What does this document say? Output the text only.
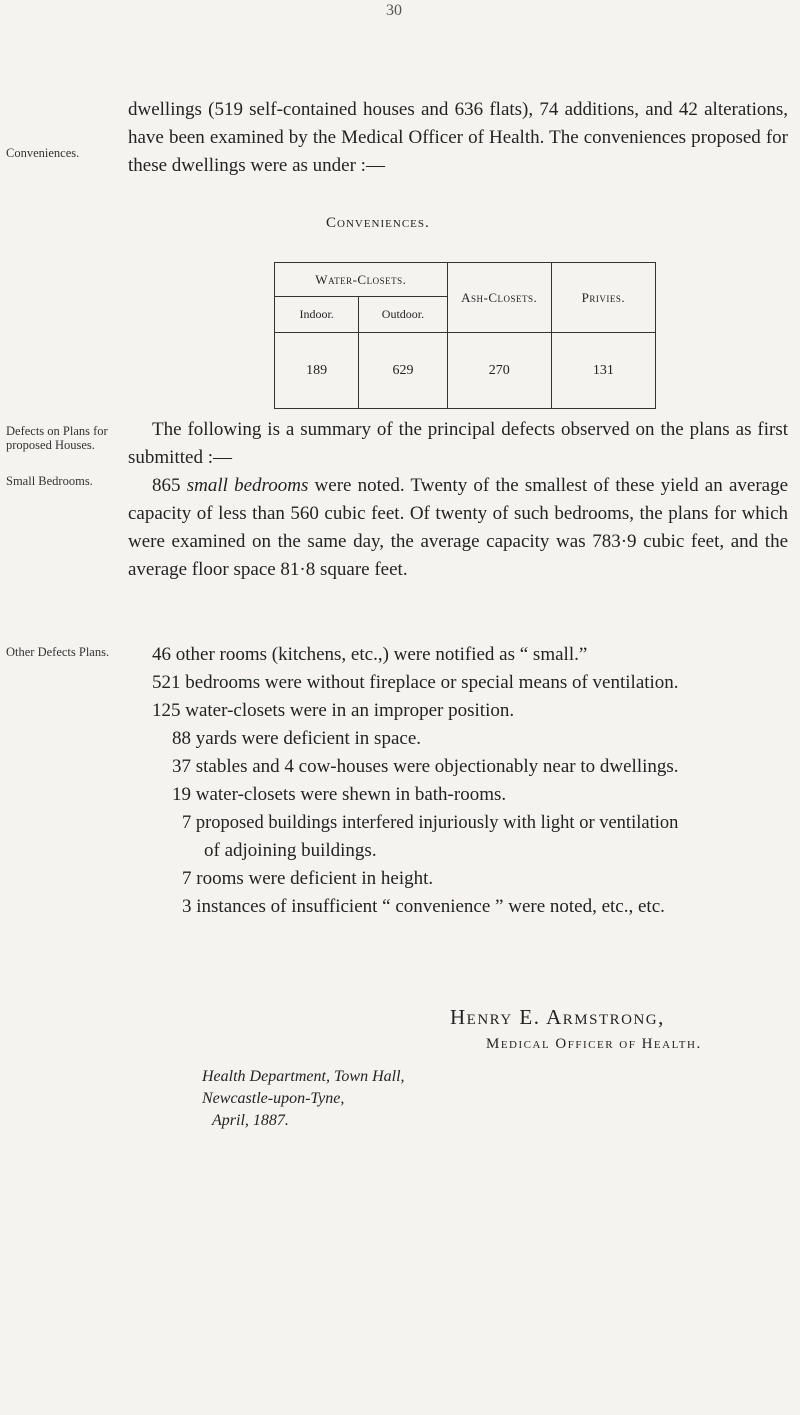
30
Conveniences.
Defects on Plans for proposed Houses.
Small Bedrooms.
Other Defects Plans.
dwellings (519 self-contained houses and 636 flats), 74 additions, and 42 alterations, have been examined by the Medical Officer of Health. The conveniences proposed for these dwellings were as under :—
Conveniences.
Water-Closets.		Ash-Closets.	Privies.
Indoor.	Outdoor.		
189	629	270	131
The following is a summary of the principal defects observed on the plans as first submitted :—
865 small bedrooms were noted. Twenty of the smallest of these yield an average capacity of less than 560 cubic feet. Of twenty of such bedrooms, the plans for which were examined on the same day, the average capacity was 783·9 cubic feet, and the average floor space 81·8 square feet.
46 other rooms (kitchens, etc.,) were notified as “ small.”
521 bedrooms were without fireplace or special means of ventilation.
125 water-closets were in an improper position.
88 yards were deficient in space.
37 stables and 4 cow-houses were objectionably near to dwellings.
19 water-closets were shewn in bath-rooms.
7 proposed buildings interfered injuriously with light or ventilation
of adjoining buildings.
7 rooms were deficient in height.
3 instances of insufficient “ convenience ” were noted, etc., etc.
Henry E. Armstrong,
Medical Officer of Health.
Health Department, Town Hall,
Newcastle-upon-Tyne,
April, 1887.
